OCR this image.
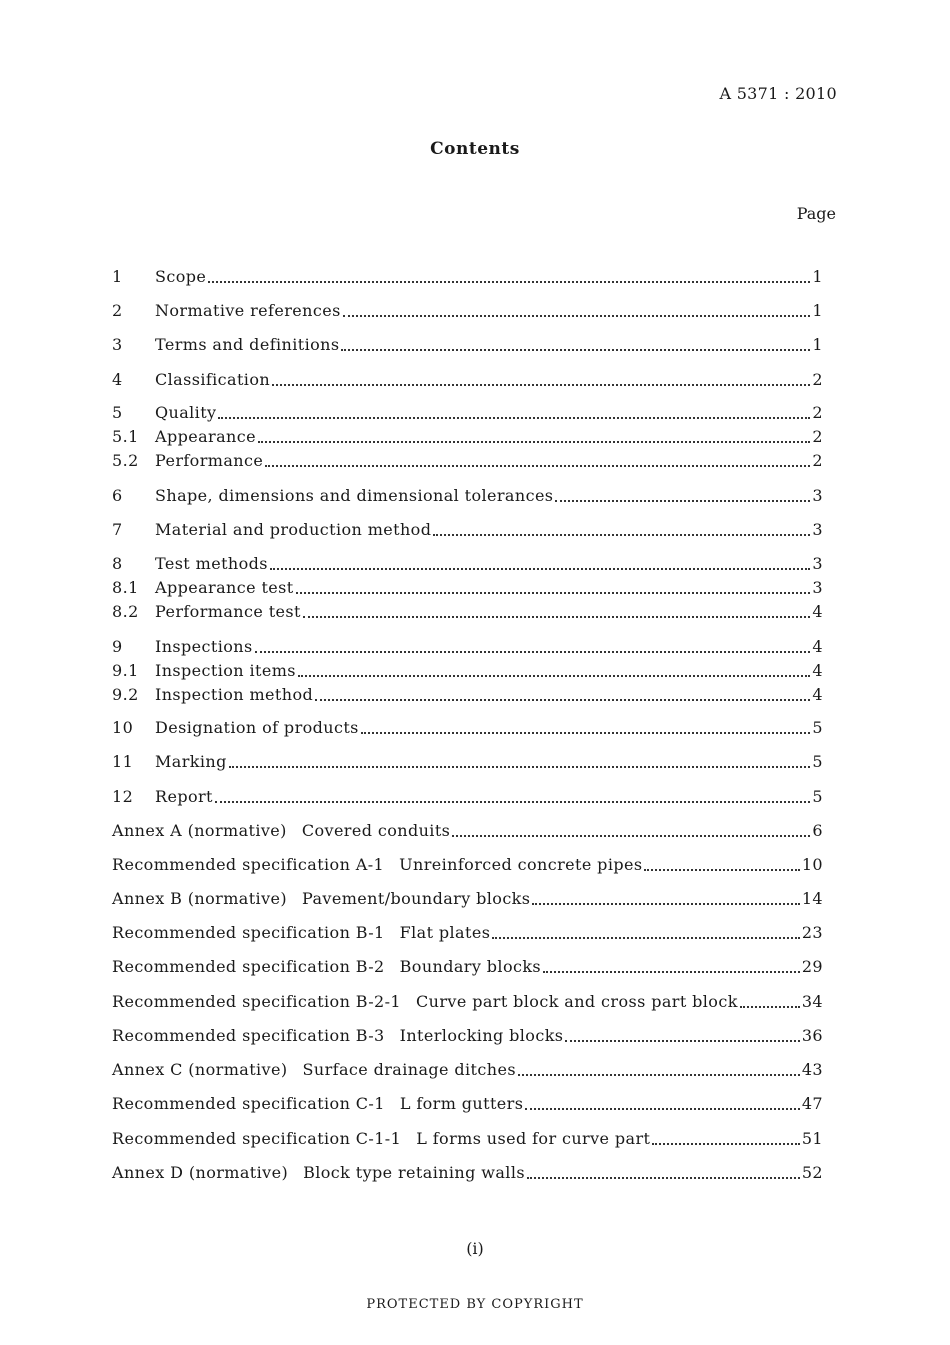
A 5371 : 2010
Contents
Page
1	Scope	1
2	Normative references	1
3	Terms and definitions	1
4	Classification	2
5	Quality	2
5.1	Appearance	2
5.2	Performance	2
6	Shape, dimensions and dimensional tolerances	3
7	Material and production method	3
8	Test methods	3
8.1	Appearance test	3
8.2	Performance test	4
9	Inspections	4
9.1	Inspection items	4
9.2	Inspection method	4
10	Designation of products	5
11	Marking	5
12	Report	5
Annex A (normative) Covered conduits	6
Recommended specification A-1 Unreinforced concrete pipes	10
Annex B (normative) Pavement/boundary blocks	14
Recommended specification B-1 Flat plates	23
Recommended specification B-2 Boundary blocks	29
Recommended specification B-2-1 Curve part block and cross part block	34
Recommended specification B-3 Interlocking blocks	36
Annex C (normative) Surface drainage ditches	43
Recommended specification C-1 L form gutters	47
Recommended specification C-1-1 L forms used for curve part	51
Annex D (normative) Block type retaining walls	52
(i)
PROTECTED BY COPYRIGHT
